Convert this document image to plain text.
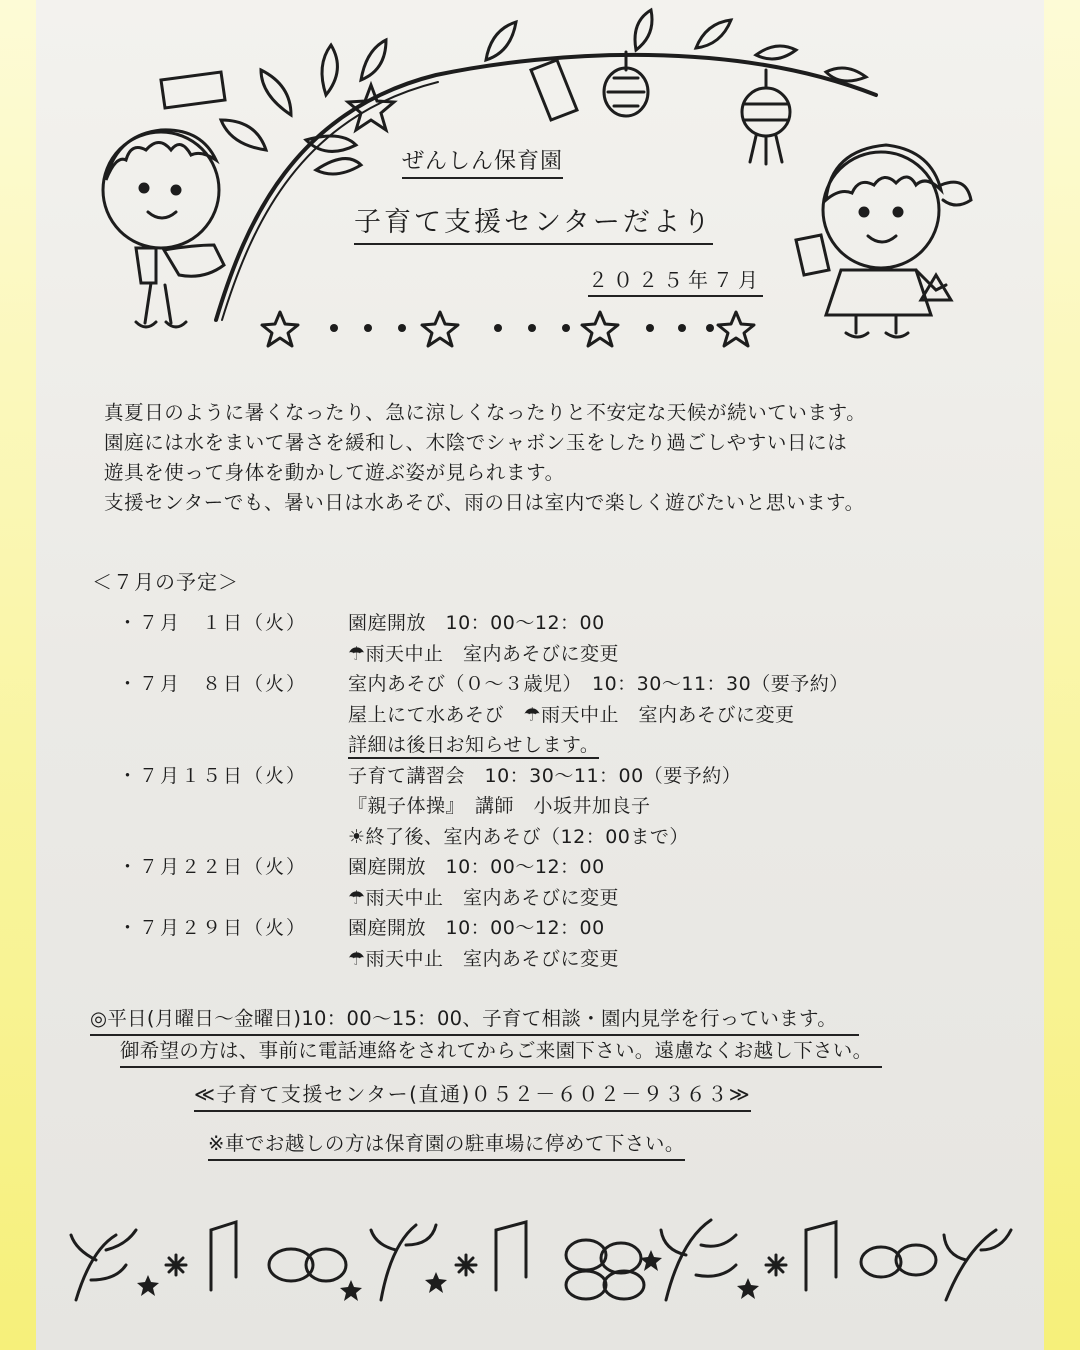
ぜんしん保育園
子育て支援センターだより
２０２５年７月
真夏日のように暑くなったり、急に涼しくなったりと不安定な天候が続いています。
園庭には水をまいて暑さを緩和し、木陰でシャボン玉をしたり過ごしやすい日には
遊具を使って身体を動かして遊ぶ姿が見られます。
支援センターでも、暑い日は水あそび、雨の日は室内で楽しく遊びたいと思います。
＜７月の予定＞
・７月　１日（火）	園庭開放　10：00～12：00
☂雨天中止　室内あそびに変更
・７月　８日（火）	室内あそび（０～３歳児）　10：30～11：30（要予約）
屋上にて水あそび　☂雨天中止　室内あそびに変更
詳細は後日お知らせします。
・７月１５日（火）	子育て講習会　10：30～11：00（要予約）
『親子体操』　講師　小坂井加良子
☀終了後、室内あそび（12：00まで）
・７月２２日（火）	園庭開放　10：00～12：00
☂雨天中止　室内あそびに変更
・７月２９日（火）	園庭開放　10：00～12：00
☂雨天中止　室内あそびに変更
◎平日(月曜日～金曜日)10：00～15：00、子育て相談・園内見学を行っています。
御希望の方は、事前に電話連絡をされてからご来園下さい。遠慮なくお越し下さい。
≪子育て支援センター(直通)０５２－６０２－９３６３≫
※車でお越しの方は保育園の駐車場に停めて下さい。
